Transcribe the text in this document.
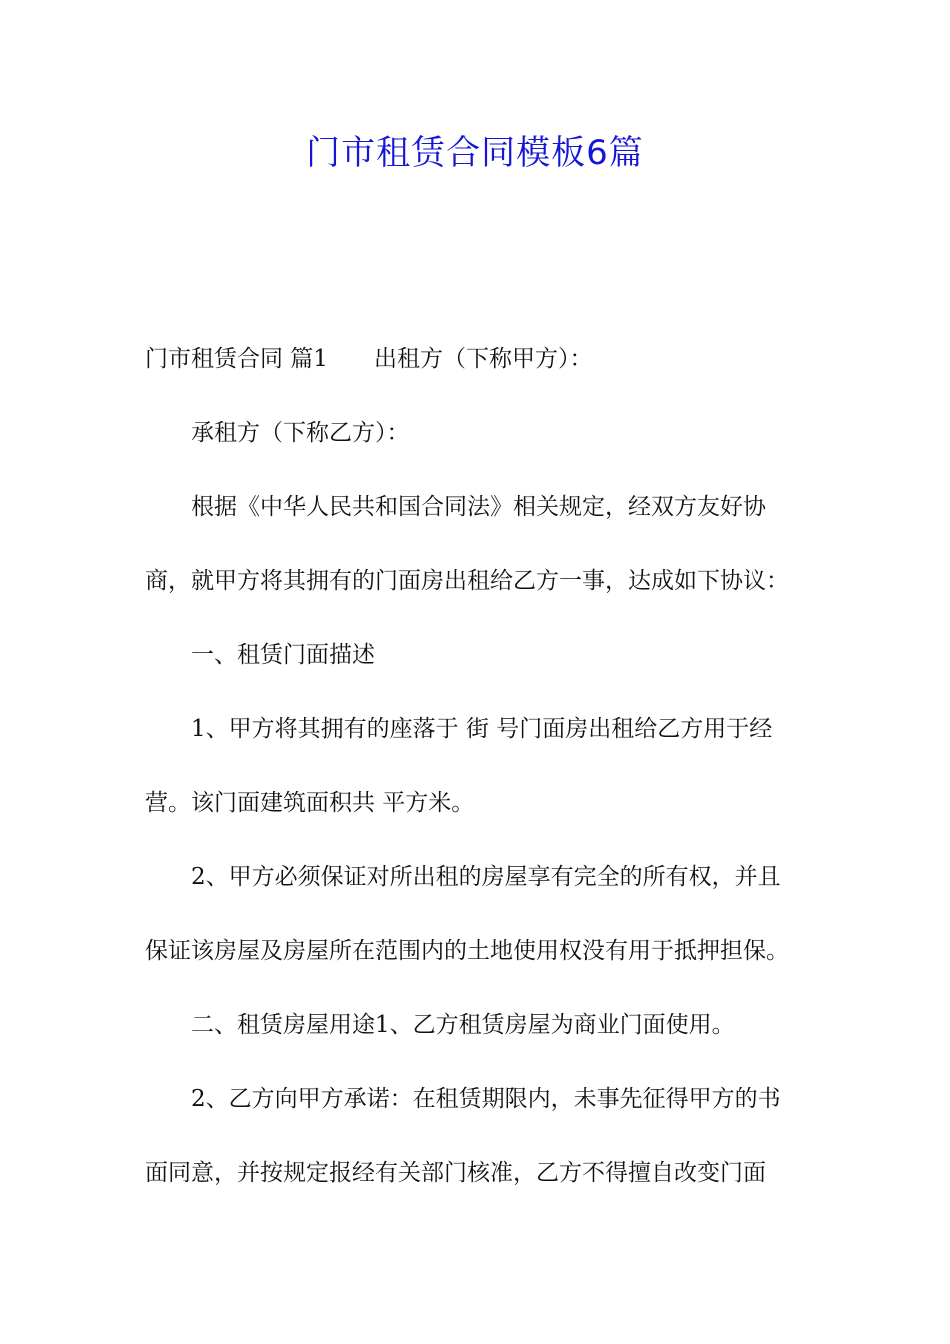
门市租赁合同模板6篇
门市租赁合同 篇1 出租方（下称甲方）：
承租方（下称乙方）：
根据《中华人民共和国合同法》相关规定，经双方友好协
商，就甲方将其拥有的门面房出租给乙方一事，达成如下协议：
一、租赁门面描述
1、甲方将其拥有的座落于 街 号门面房出租给乙方用于经
营。该门面建筑面积共 平方米。
2、甲方必须保证对所出租的房屋享有完全的所有权，并且
保证该房屋及房屋所在范围内的土地使用权没有用于抵押担保。
二、租赁房屋用途1、乙方租赁房屋为商业门面使用。
2、乙方向甲方承诺：在租赁期限内，未事先征得甲方的书
面同意，并按规定报经有关部门核准，乙方不得擅自改变门面
